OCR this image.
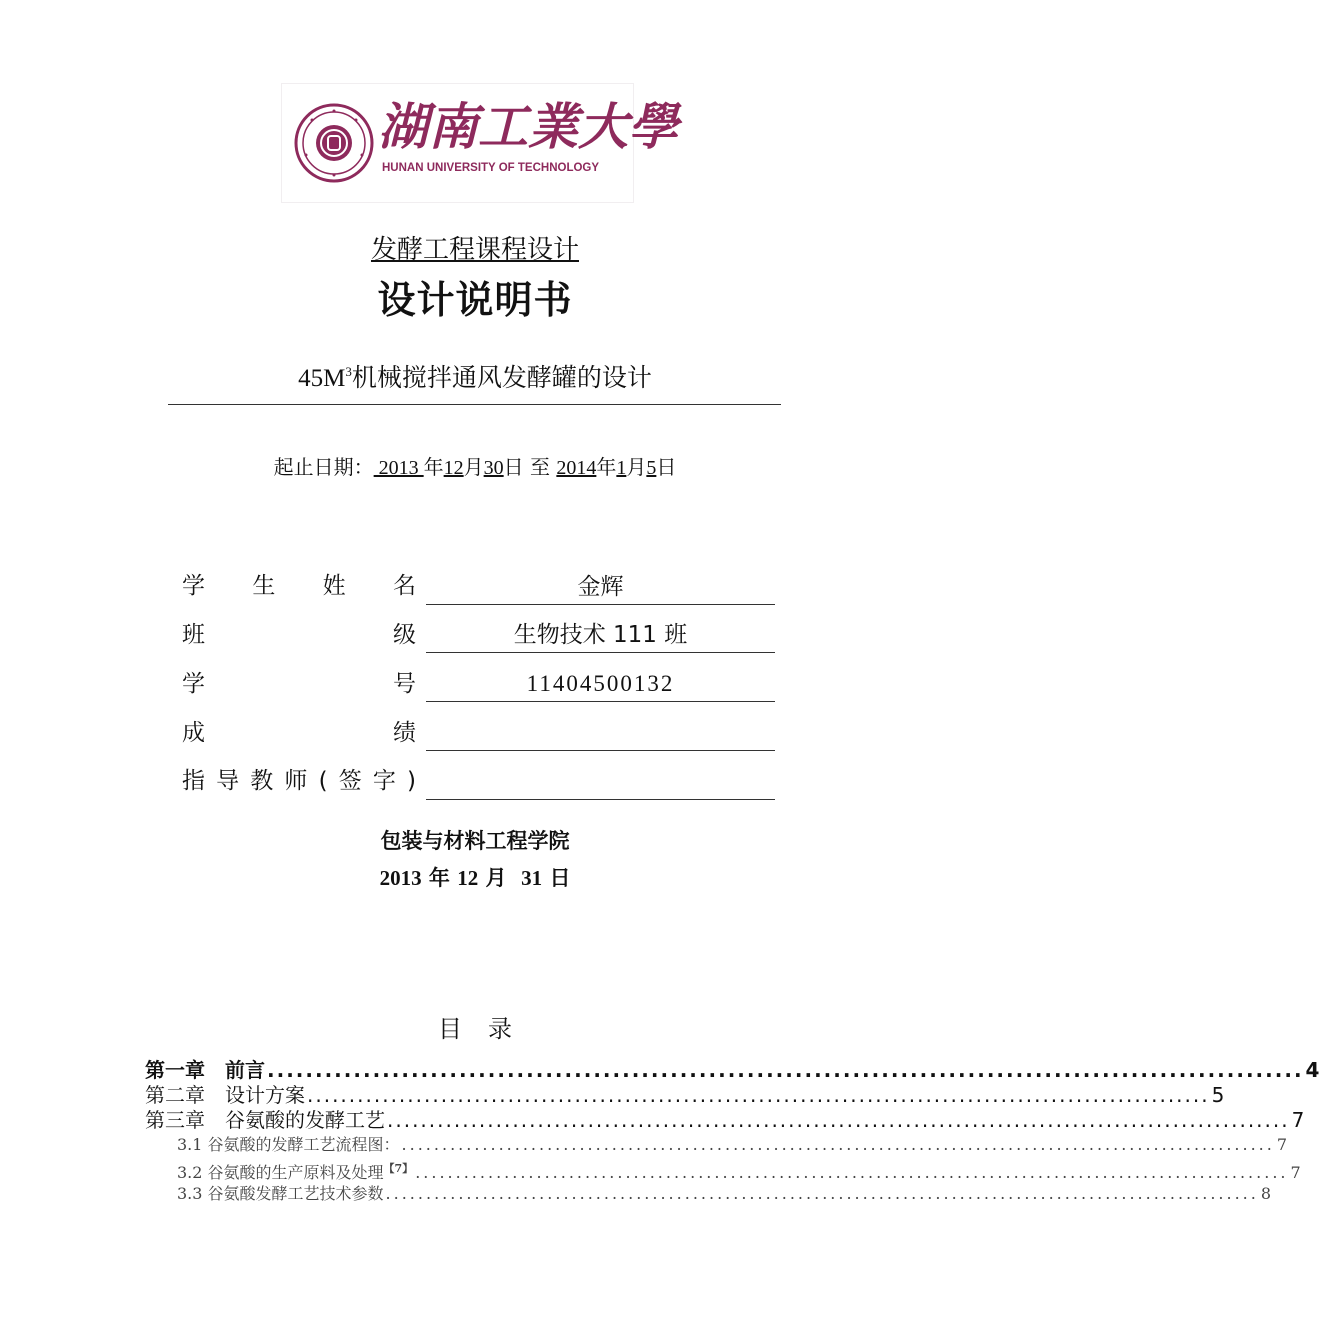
湖南工業大學
HUNAN UNIVERSITY OF TECHNOLOGY
发酵工程课程设计
设计说明书
$45M^3$机械搅拌通风发酵罐的设计
起止日期： 2013 年12月30日 至 2014年1月5日
学 生 姓 名	金辉
班	级	生物技术 111 班
学	号	11404500132
成	绩
指 导 教 师 ( 签 字 )
包装与材料工程学院
2013 年 12 月 31 日
目录
第一章　前言 ............................................................................................................ 4
第二章　设计方案 ............................................................................................................ 5
第三章　谷氨酸的发酵工艺 ............................................................................................................ 7
3.1 谷氨酸的发酵工艺流程图： ............................................................................................................ 7
3.2 谷氨酸的生产原料及处理$^{【7】}$ ............................................................................................................ 7
3.3 谷氨酸发酵工艺技术参数 ............................................................................................................ 8
